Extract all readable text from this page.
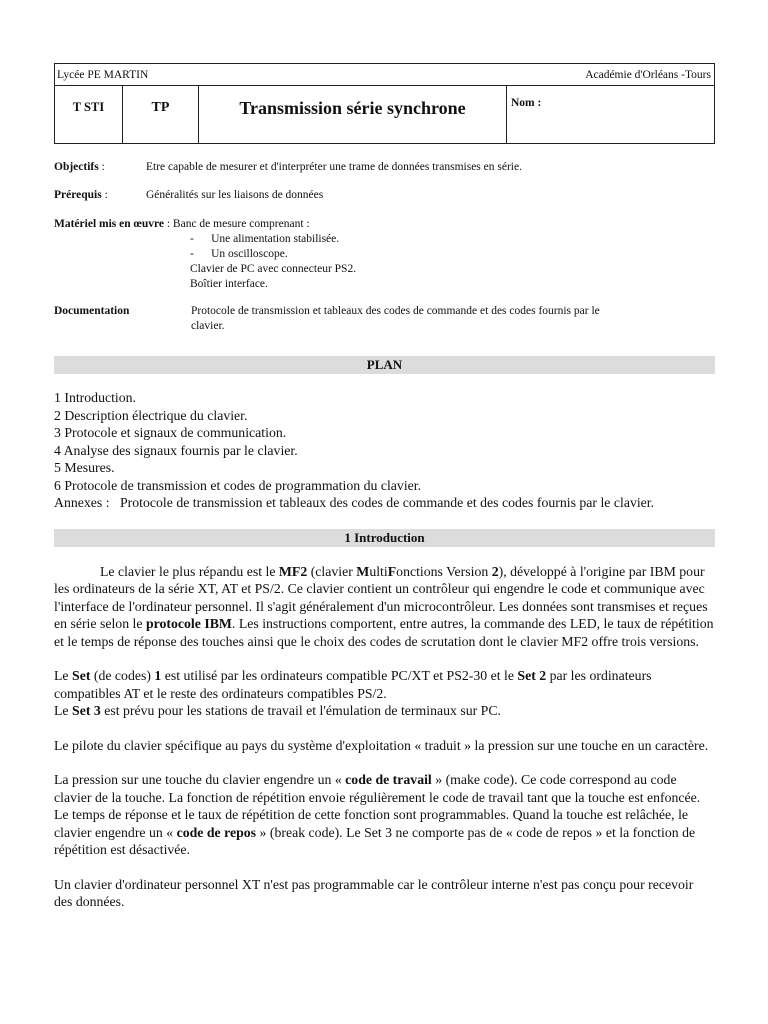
Lycée PE MARTIN	Académie d'Orléans -Tours
T STI	TP	Transmission série synchrone	Nom :
Objectifs :	Etre capable de mesurer et d'interpréter une trame de données transmises en série.
Prérequis :	Généralités sur les liaisons de données
Matériel mis en œuvre : Banc de mesure comprenant :
-      Une alimentation stabilisée.
-      Un oscilloscope.
Clavier de PC avec connecteur PS2.
Boîtier interface.
Documentation	Protocole de transmission et tableaux des codes de commande et des codes fournis par le clavier.
PLAN
1 Introduction.
2 Description électrique du clavier.
3 Protocole et signaux de communication.
4 Analyse des signaux fournis par le clavier.
5 Mesures.
6 Protocole de transmission et codes de programmation du clavier.
Annexes : Protocole de transmission et tableaux des codes de commande et des codes fournis par le clavier.
1 Introduction

Le clavier le plus répandu est le MF2 (clavier MultiFonctions Version 2), développé à l'origine par IBM pour les ordinateurs de la série XT, AT et PS/2. Ce clavier contient un contrôleur qui engendre le code et communique avec l'interface de l'ordinateur personnel. Il s'agit généralement d'un microcontrôleur. Les données sont transmises et reçues en série selon le protocole IBM. Les instructions comportent, entre autres, la commande des LED, le taux de répétition et le temps de réponse des touches ainsi que le choix des codes de scrutation dont le clavier MF2 offre trois versions.

Le Set (de codes) 1 est utilisé par les ordinateurs compatible PC/XT et PS2-30 et le Set 2 par les ordinateurs compatibles AT et le reste des ordinateurs compatibles PS/2.
Le Set 3 est prévu pour les stations de travail et l'émulation de terminaux sur PC.

Le pilote du clavier spécifique au pays du système d'exploitation « traduit » la pression sur une touche en un caractère.

La pression sur une touche du clavier engendre un « code de travail » (make code). Ce code correspond au code clavier de la touche. La fonction de répétition envoie régulièrement le code de travail tant que la touche est enfoncée. Le temps de réponse et le taux de répétition de cette fonction sont programmables. Quand la touche est relâchée, le clavier engendre un « code de repos » (break code). Le Set 3 ne comporte pas de « code de repos » et la fonction de répétition est désactivée.

Un clavier d'ordinateur personnel XT n'est pas programmable car le contrôleur interne n'est pas conçu pour recevoir des données.
